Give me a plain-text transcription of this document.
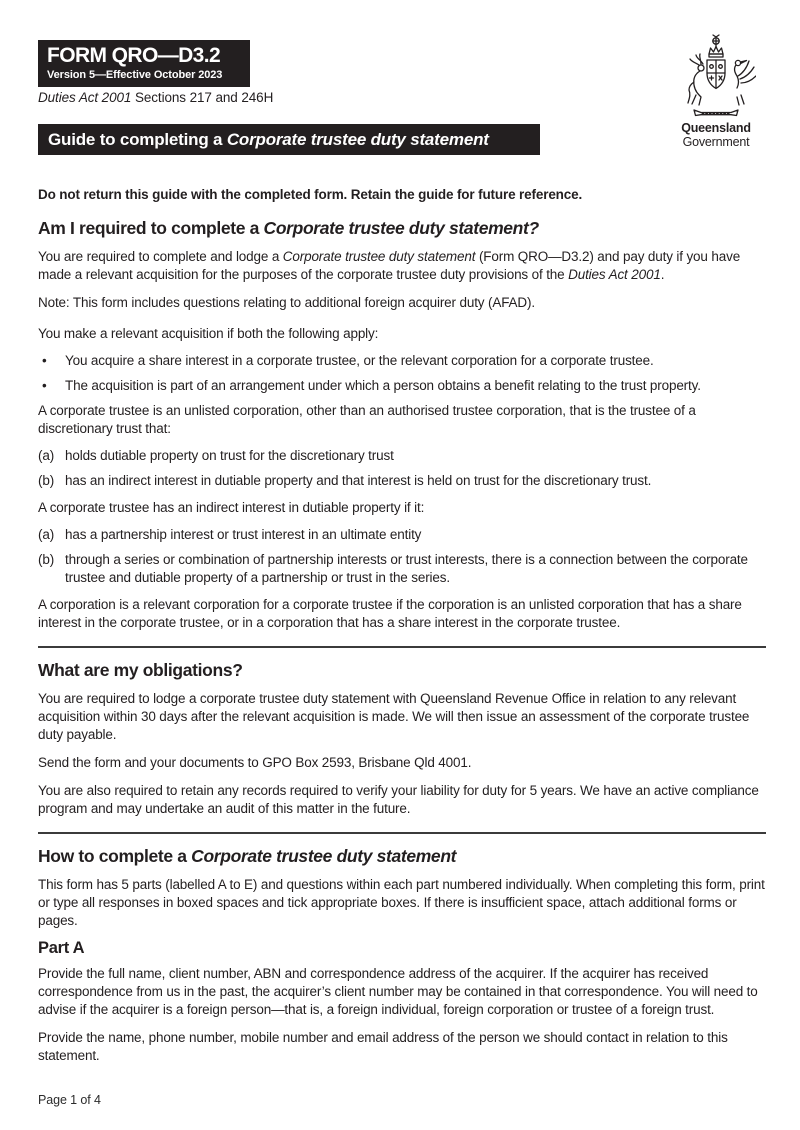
FORM QRO—D3.2
Version 5—Effective October 2023
Duties Act 2001 Sections 217 and 246H
Guide to completing a Corporate trustee duty statement
Queensland
Government

Do not return this guide with the completed form. Retain the guide for future reference.

Am I required to complete a Corporate trustee duty statement?

You are required to complete and lodge a Corporate trustee duty statement (Form QRO—D3.2) and pay duty if you have made a relevant acquisition for the purposes of the corporate trustee duty provisions of the Duties Act 2001.

Note: This form includes questions relating to additional foreign acquirer duty (AFAD).

You make a relevant acquisition if both the following apply:

•	You acquire a share interest in a corporate trustee, or the relevant corporation for a corporate trustee.
•	The acquisition is part of an arrangement under which a person obtains a benefit relating to the trust property.

A corporate trustee is an unlisted corporation, other than an authorised trustee corporation, that is the trustee of a discretionary trust that:

(a) holds dutiable property on trust for the discretionary trust
(b) has an indirect interest in dutiable property and that interest is held on trust for the discretionary trust.

A corporate trustee has an indirect interest in dutiable property if it:

(a) has a partnership interest or trust interest in an ultimate entity
(b) through a series or combination of partnership interests or trust interests, there is a connection between the corporate trustee and dutiable property of a partnership or trust in the series.

A corporation is a relevant corporation for a corporate trustee if the corporation is an unlisted corporation that has a share interest in the corporate trustee, or in a corporation that has a share interest in the corporate trustee.

What are my obligations?

You are required to lodge a corporate trustee duty statement with Queensland Revenue Office in relation to any relevant acquisition within 30 days after the relevant acquisition is made. We will then issue an assessment of the corporate trustee duty payable.

Send the form and your documents to GPO Box 2593, Brisbane Qld 4001.

You are also required to retain any records required to verify your liability for duty for 5 years. We have an active compliance program and may undertake an audit of this matter in the future.

How to complete a Corporate trustee duty statement

This form has 5 parts (labelled A to E) and questions within each part numbered individually. When completing this form, print or type all responses in boxed spaces and tick appropriate boxes. If there is insufficient space, attach additional forms or pages.

Part A

Provide the full name, client number, ABN and correspondence address of the acquirer. If the acquirer has received correspondence from us in the past, the acquirer’s client number may be contained in that correspondence. You will need to advise if the acquirer is a foreign person—that is, a foreign individual, foreign corporation or trustee of a foreign trust.

Provide the name, phone number, mobile number and email address of the person we should contact in relation to this statement.

Page 1 of 4
